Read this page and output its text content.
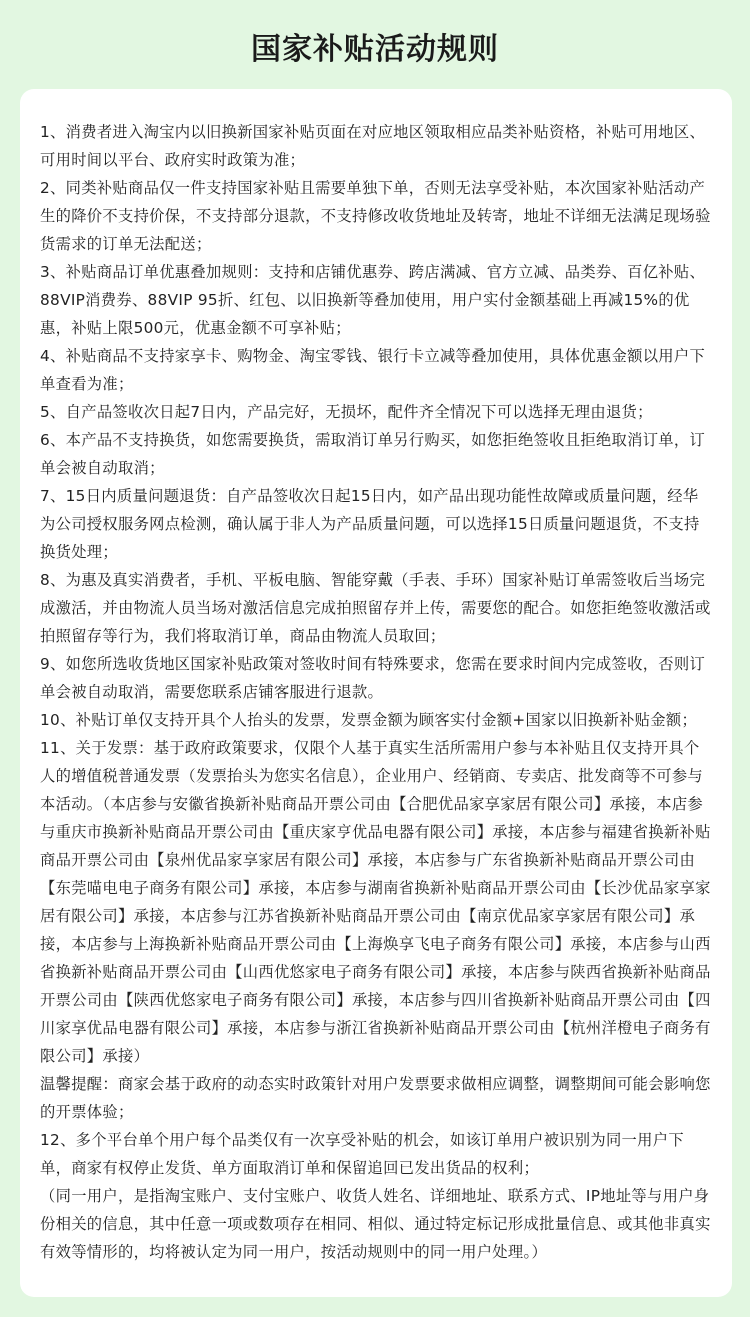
国家补贴活动规则

1、消费者进入淘宝内以旧换新国家补贴页面在对应地区领取相应品类补贴资格，补贴可用地区、可用时间以平台、政府实时政策为准；

2、同类补贴商品仅一件支持国家补贴且需要单独下单，否则无法享受补贴，本次国家补贴活动产生的降价不支持价保，不支持部分退款，不支持修改收货地址及转寄，地址不详细无法满足现场验货需求的订单无法配送；

3、补贴商品订单优惠叠加规则：支持和店铺优惠券、跨店满减、官方立减、品类券、百亿补贴、88VIP消费券、88VIP 95折、红包、以旧换新等叠加使用，用户实付金额基础上再减15%的优惠，补贴上限500元，优惠金额不可享补贴；

4、补贴商品不支持家享卡、购物金、淘宝零钱、银行卡立减等叠加使用，具体优惠金额以用户下单查看为准；

5、自产品签收次日起7日内，产品完好，无损坏，配件齐全情况下可以选择无理由退货；

6、本产品不支持换货，如您需要换货，需取消订单另行购买，如您拒绝签收且拒绝取消订单，订单会被自动取消；

7、15日内质量问题退货：自产品签收次日起15日内，如产品出现功能性故障或质量问题，经华为公司授权服务网点检测，确认属于非人为产品质量问题，可以选择15日质量问题退货，不支持换货处理；

8、为惠及真实消费者，手机、平板电脑、智能穿戴（手表、手环）国家补贴订单需签收后当场完成激活，并由物流人员当场对激活信息完成拍照留存并上传，需要您的配合。如您拒绝签收激活或拍照留存等行为，我们将取消订单，商品由物流人员取回；

9、如您所选收货地区国家补贴政策对签收时间有特殊要求，您需在要求时间内完成签收，否则订单会被自动取消，需要您联系店铺客服进行退款。

10、补贴订单仅支持开具个人抬头的发票，发票金额为顾客实付金额+国家以旧换新补贴金额；

11、关于发票：基于政府政策要求，仅限个人基于真实生活所需用户参与本补贴且仅支持开具个人的增值税普通发票（发票抬头为您实名信息），企业用户、经销商、专卖店、批发商等不可参与本活动。（本店参与安徽省换新补贴商品开票公司由【合肥优品家享家居有限公司】承接，本店参与重庆市换新补贴商品开票公司由【重庆家亨优品电器有限公司】承接，本店参与福建省换新补贴商品开票公司由【泉州优品家享家居有限公司】承接，本店参与广东省换新补贴商品开票公司由【东莞喵电电子商务有限公司】承接，本店参与湖南省换新补贴商品开票公司由【长沙优品家享家居有限公司】承接，本店参与江苏省换新补贴商品开票公司由【南京优品家享家居有限公司】承接，本店参与上海换新补贴商品开票公司由【上海焕享飞电子商务有限公司】承接，本店参与山西省换新补贴商品开票公司由【山西优悠家电子商务有限公司】承接，本店参与陕西省换新补贴商品开票公司由【陕西优悠家电子商务有限公司】承接，本店参与四川省换新补贴商品开票公司由【四川家享优品电器有限公司】承接，本店参与浙江省换新补贴商品开票公司由【杭州洋橙电子商务有限公司】承接）

温馨提醒：商家会基于政府的动态实时政策针对用户发票要求做相应调整，调整期间可能会影响您的开票体验；

12、多个平台单个用户每个品类仅有一次享受补贴的机会，如该订单用户被识别为同一用户下单，商家有权停止发货、单方面取消订单和保留追回已发出货品的权利；

（同一用户，是指淘宝账户、支付宝账户、收货人姓名、详细地址、联系方式、IP地址等与用户身份相关的信息，其中任意一项或数项存在相同、相似、通过特定标记形成批量信息、或其他非真实有效等情形的，均将被认定为同一用户，按活动规则中的同一用户处理。）
